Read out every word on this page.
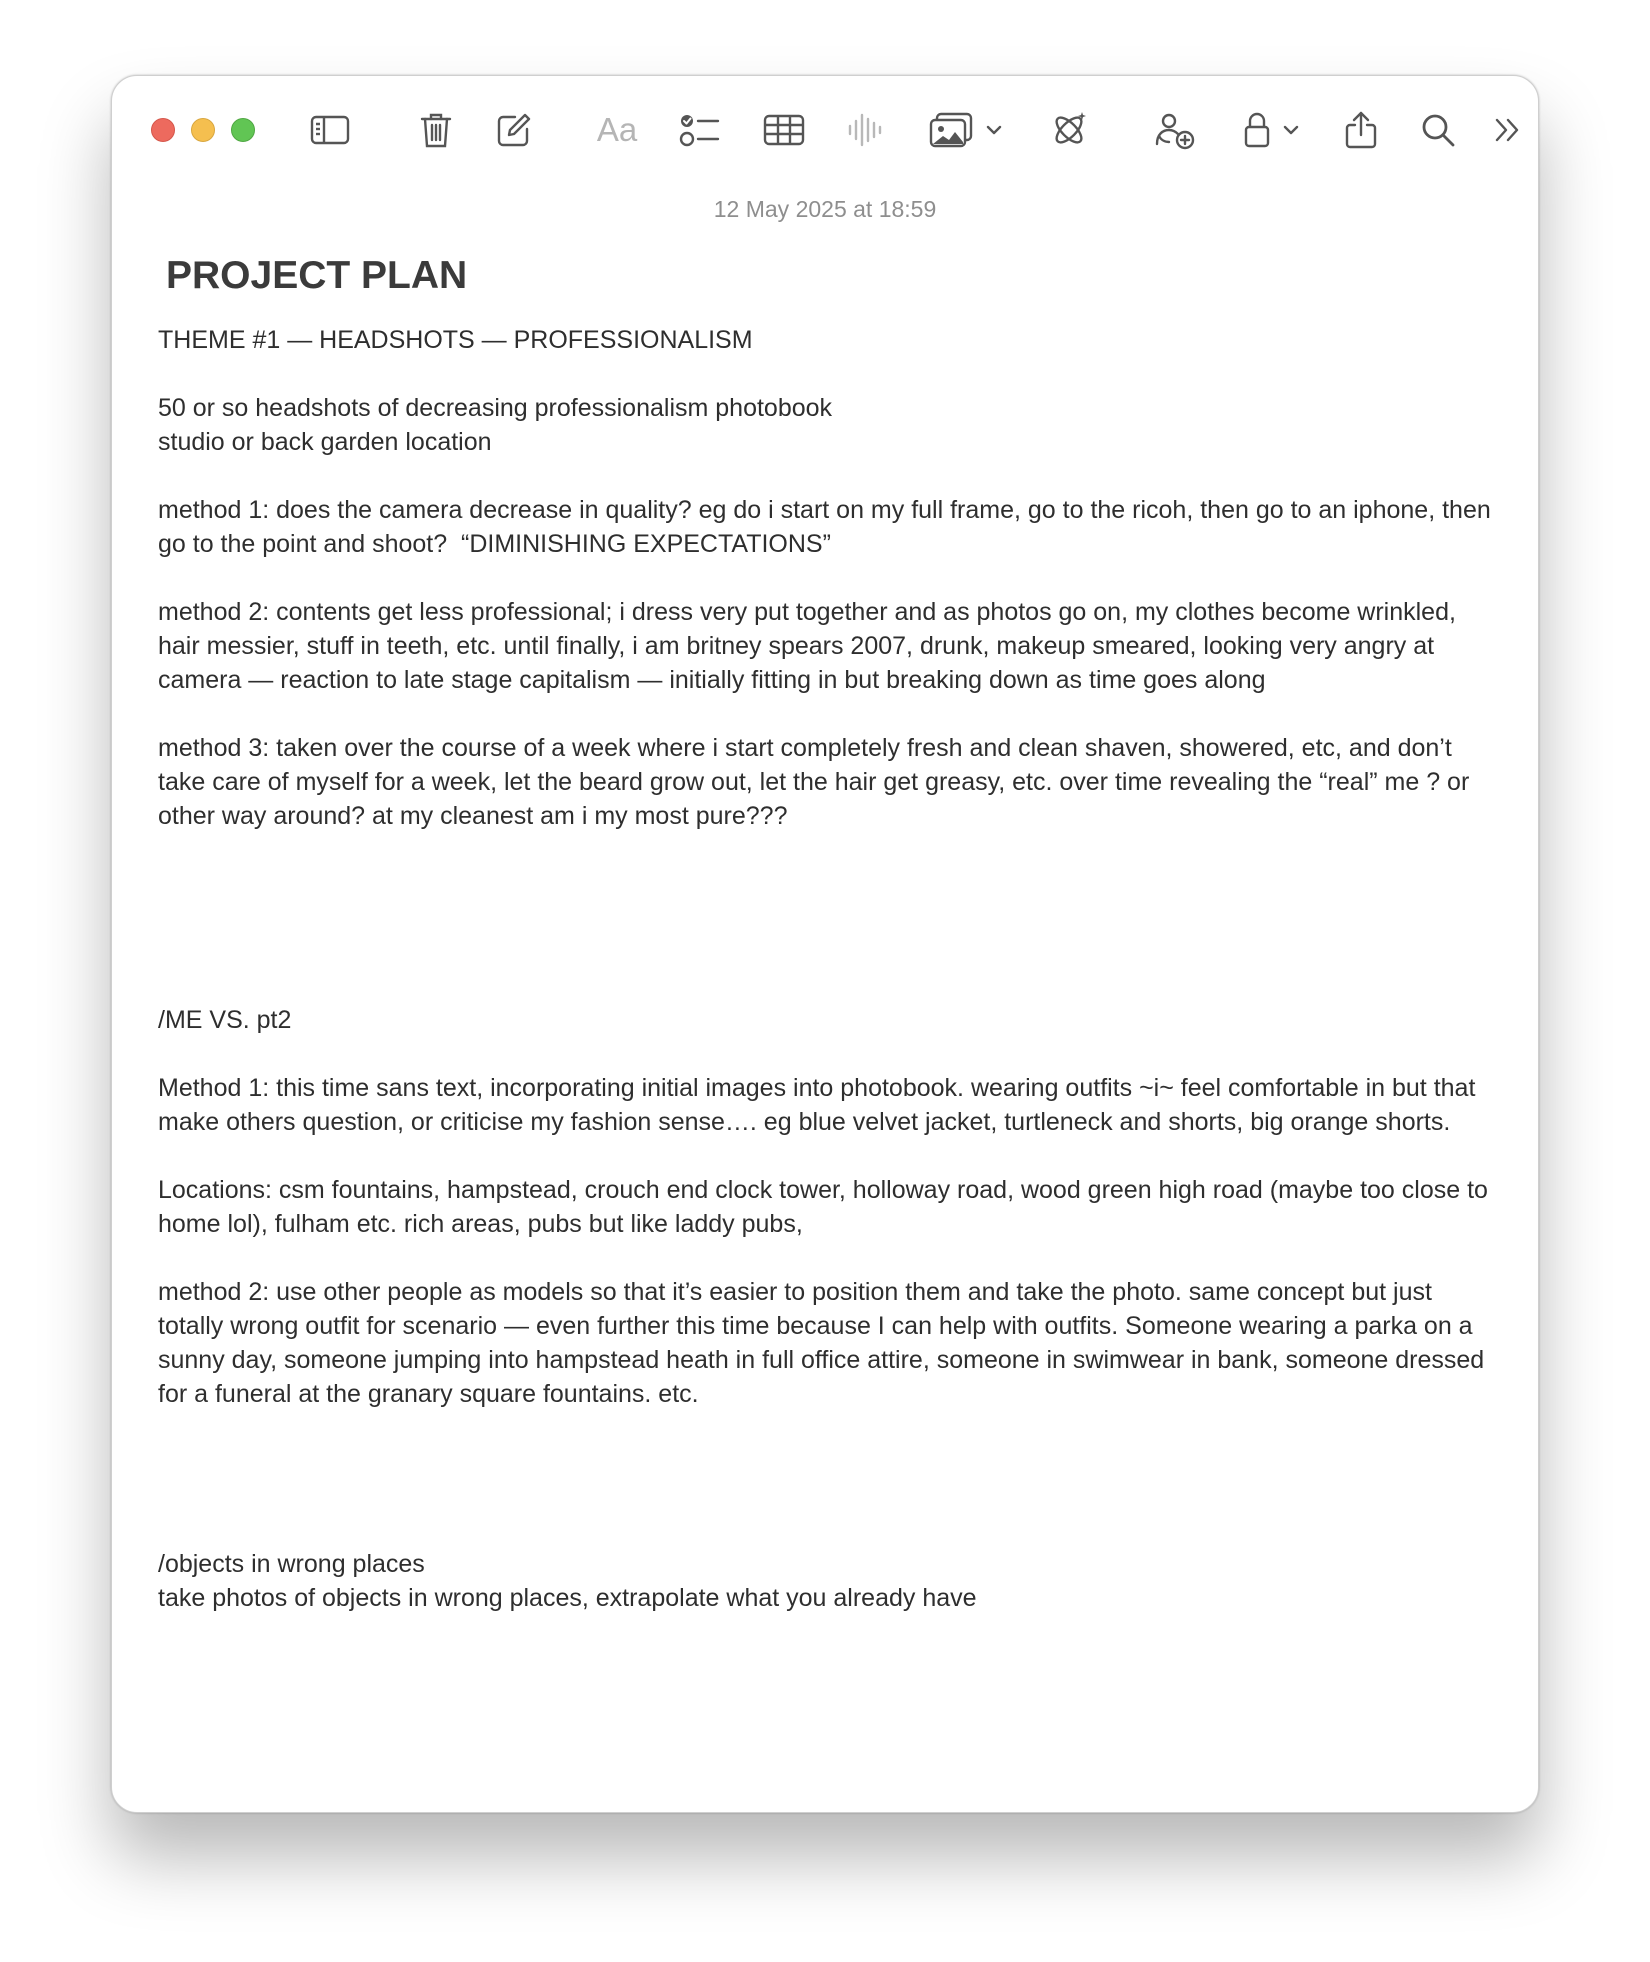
Aa
12 May 2025 at 18:59
PROJECT PLAN

THEME #1 — HEADSHOTS — PROFESSIONALISM

50 or so headshots of decreasing professionalism photobook
studio or back garden location

method 1: does the camera decrease in quality? eg do i start on my full frame, go to the ricoh, then go to an iphone, then go to the point and shoot?  “DIMINISHING EXPECTATIONS”

method 2: contents get less professional; i dress very put together and as photos go on, my clothes become wrinkled, hair messier, stuff in teeth, etc. until finally, i am britney spears 2007, drunk, makeup smeared, looking very angry at camera — reaction to late stage capitalism — initially fitting in but breaking down as time goes along

method 3: taken over the course of a week where i start completely fresh and clean shaven, showered, etc, and don’t take care of myself for a week, let the beard grow out, let the hair get greasy, etc. over time revealing the “real” me ? or other way around? at my cleanest am i my most pure???

/ME VS. pt2

Method 1: this time sans text, incorporating initial images into photobook. wearing outfits ~i~ feel comfortable in but that make others question, or criticise my fashion sense…. eg blue velvet jacket, turtleneck and shorts, big orange shorts.

Locations: csm fountains, hampstead, crouch end clock tower, holloway road, wood green high road (maybe too close to home lol), fulham etc. rich areas, pubs but like laddy pubs,

method 2: use other people as models so that it’s easier to position them and take the photo. same concept but just totally wrong outfit for scenario — even further this time because I can help with outfits. Someone wearing a parka on a sunny day, someone jumping into hampstead heath in full office attire, someone in swimwear in bank, someone dressed for a funeral at the granary square fountains. etc.

/objects in wrong places
take photos of objects in wrong places, extrapolate what you already have
